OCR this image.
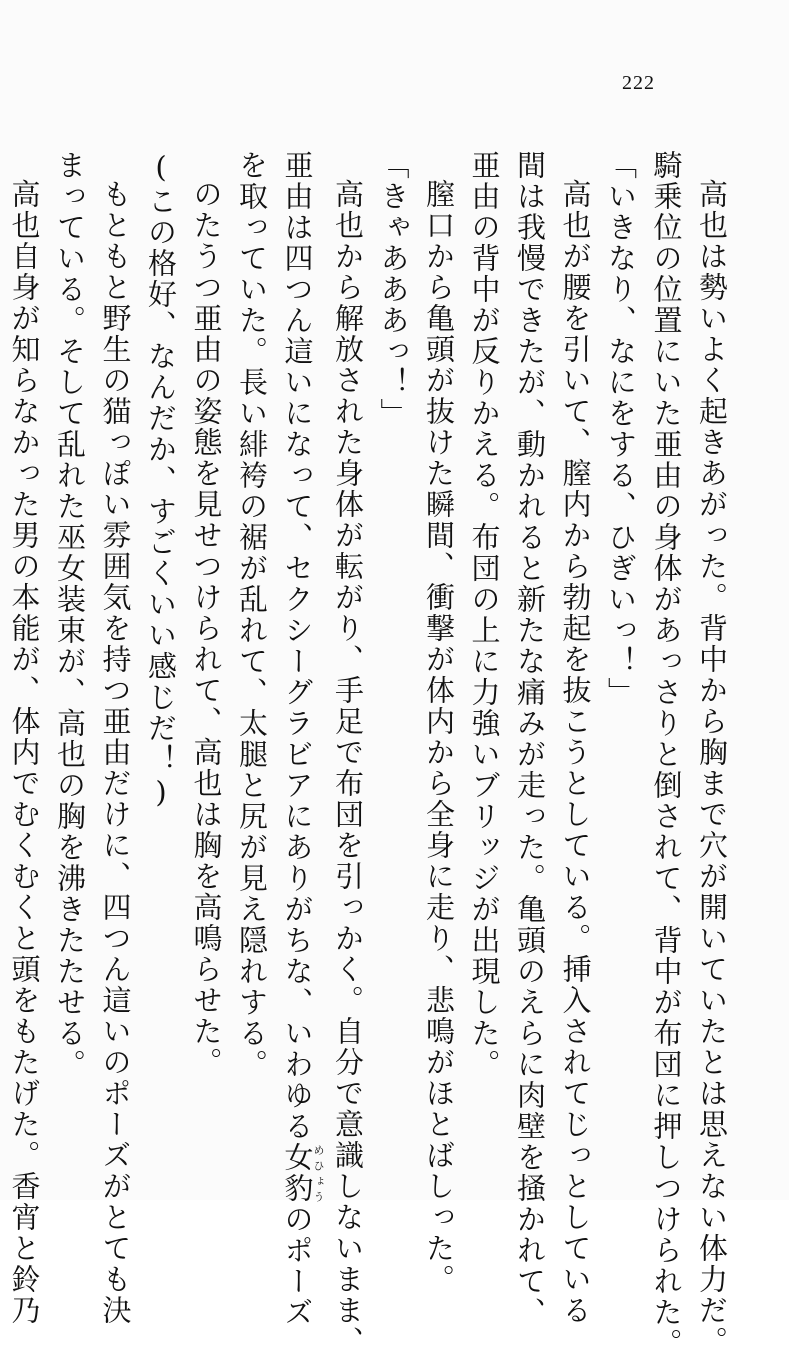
222

高也は勢いよく起きあがった。背中から胸まで穴が開いていたとは思えない体力だ。

騎乗位の位置にいた亜由の身体があっさりと倒されて、背中が布団に押しつけられた。

「いきなり、なにをする、ひぎいっ！」

高也が腰を引いて、膣内から勃起を抜こうとしている。挿入されてじっとしている

間は我慢できたが、動かれると新たな痛みが走った。亀頭のえらに肉壁を掻かれて、

亜由の背中が反りかえる。布団の上に力強いブリッジが出現した。

膣口から亀頭が抜けた瞬間、衝撃が体内から全身に走り、悲鳴がほとばしった。

「きゃあああっ！」

高也から解放された身体が転がり、手足で布団を引っかく。自分で意識しないまま、

亜由は四つん這いになって、セクシーグラビアにありがちな、いわゆる女豹めひょうのポーズ

を取っていた。長い緋袴の裾が乱れて、太腿と尻が見え隠れする。

のたうつ亜由の姿態を見せつけられて、高也は胸を高鳴らせた。

(この格好、なんだか、すごくいい感じだ！)

もともと野生の猫っぽい雰囲気を持つ亜由だけに、四つん這いのポーズがとても決

まっている。そして乱れた巫女装束が、高也の胸を沸きたたせる。

高也自身が知らなかった男の本能が、体内でむくむくと頭をもたげた。香宵と鈴乃
